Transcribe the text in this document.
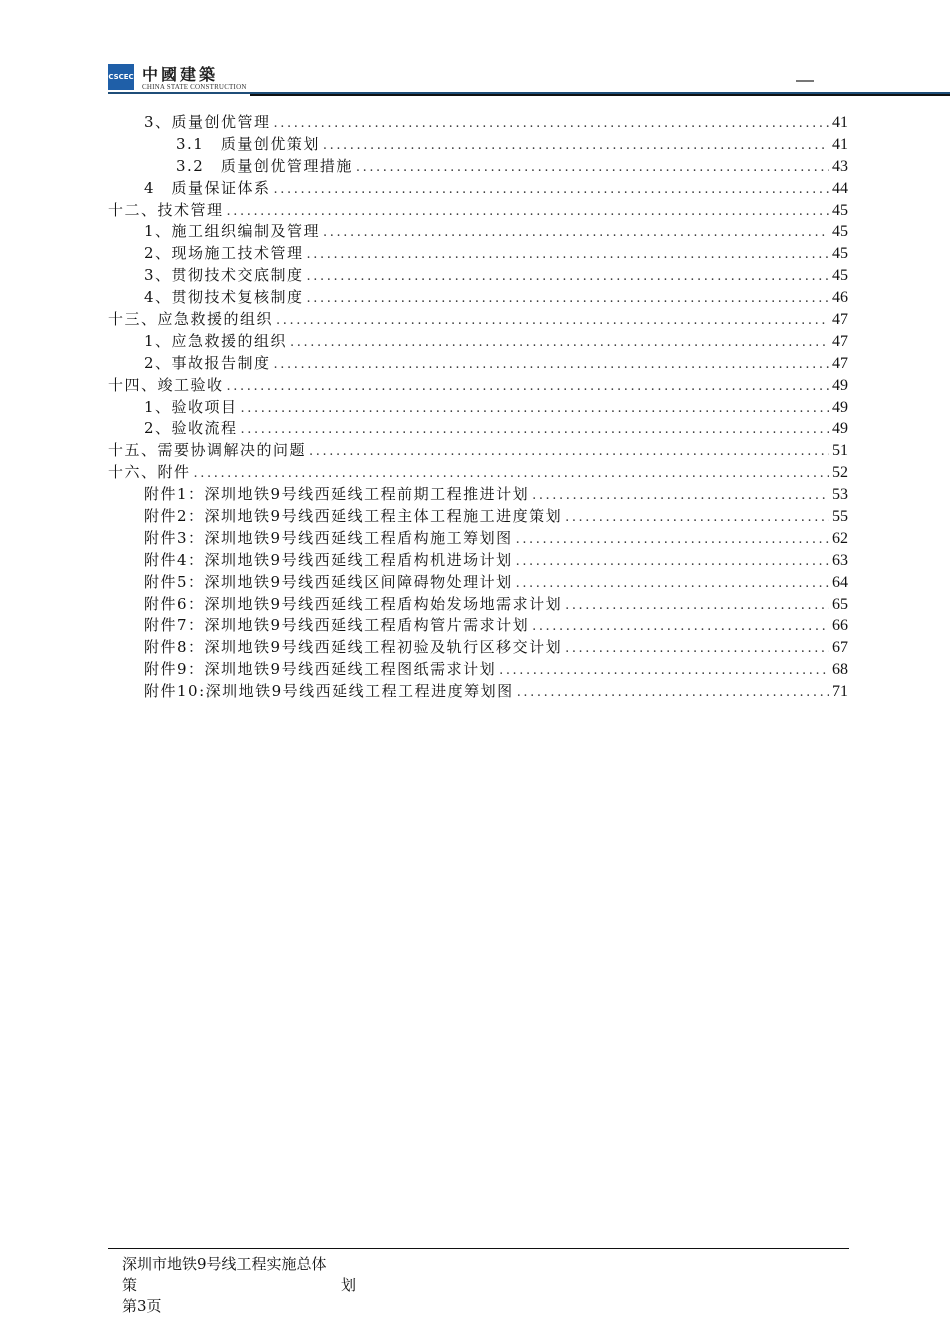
CSCEC 中國建築
CHINA STATE CONSTRUCTION
3、质量创优管理 .....	41
3.1　质量创优策划 .....	41
3.2　质量创优管理措施 .....	43
4　质量保证体系 .....	44
十二、技术管理 .....	45
1、施工组织编制及管理 .....	45
2、现场施工技术管理 .....	45
3、贯彻技术交底制度 .....	45
4、贯彻技术复核制度 .....	46
十三、应急救援的组织 .....	47
1、应急救援的组织 .....	47
2、事故报告制度 .....	47
十四、竣工验收 .....	49
1、验收项目 .....	49
2、验收流程 .....	49
十五、需要协调解决的问题 .....	51
十六、附件 .....	52
附件1：深圳地铁9号线西延线工程前期工程推进计划 .....	53
附件2：深圳地铁9号线西延线工程主体工程施工进度策划 .....	55
附件3：深圳地铁9号线西延线工程盾构施工筹划图 .....	62
附件4：深圳地铁9号线西延线工程盾构机进场计划 .....	63
附件5：深圳地铁9号线西延线区间障碍物处理计划 .....	64
附件6：深圳地铁9号线西延线工程盾构始发场地需求计划 .....	65
附件7：深圳地铁9号线西延线工程盾构管片需求计划 .....	66
附件8：深圳地铁9号线西延线工程初验及轨行区移交计划 .....	67
附件9：深圳地铁9号线西延线工程图纸需求计划 .....	68
附件10:深圳地铁9号线西延线工程工程进度筹划图 .....	71
深圳市地铁9号线工程实施总体
策	划
第3页
